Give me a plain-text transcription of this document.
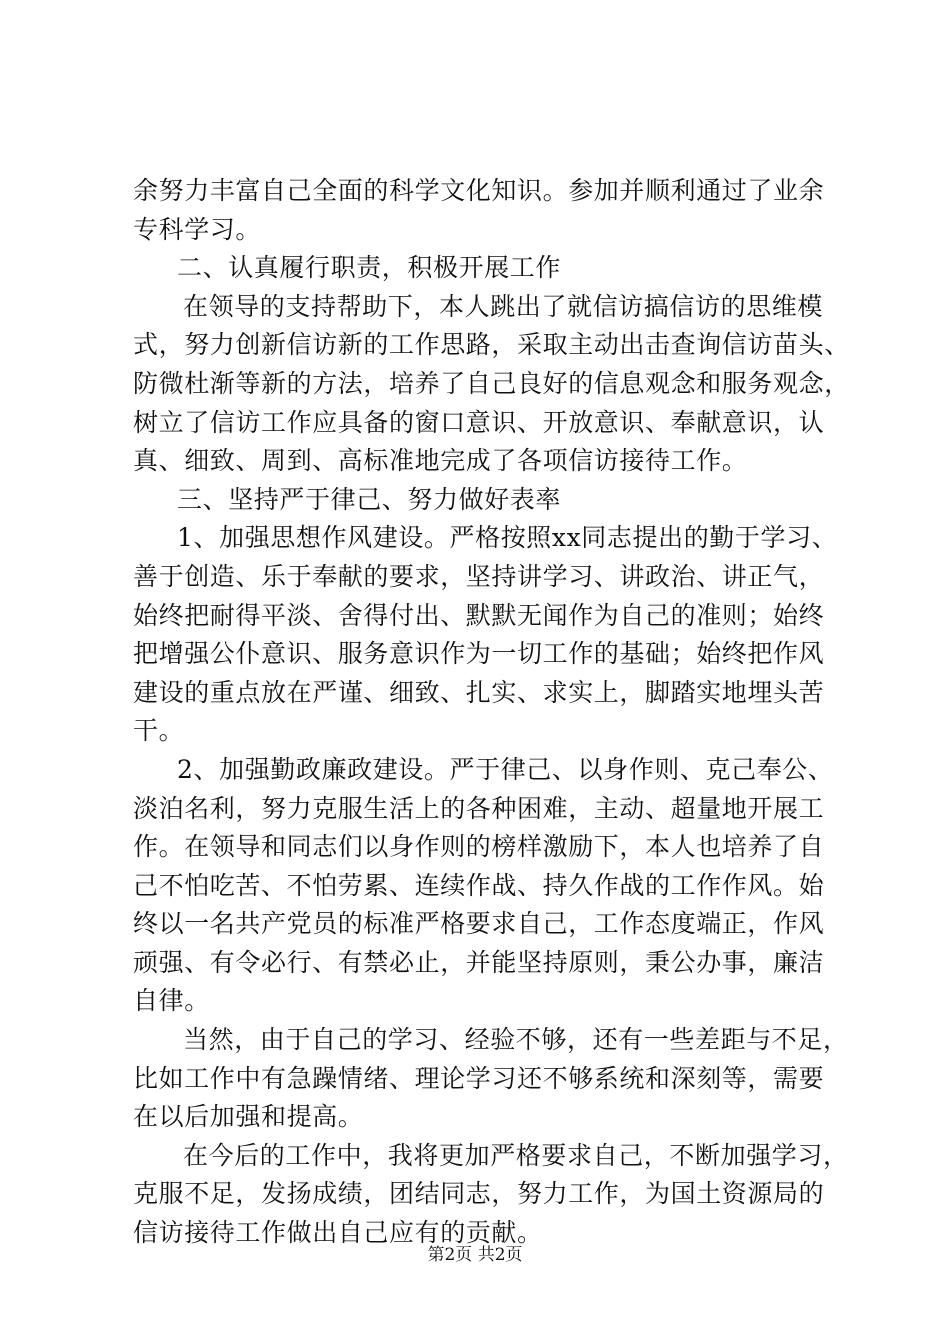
余努力丰富自己全面的科学文化知识。参加并顺利通过了业余
专科学习。
二、认真履行职责，积极开展工作
在领导的支持帮助下，本人跳出了就信访搞信访的思维模
式，努力创新信访新的工作思路，采取主动出击查询信访苗头、
防微杜渐等新的方法，培养了自己良好的信息观念和服务观念，
树立了信访工作应具备的窗口意识、开放意识、奉献意识，认
真、细致、周到、高标准地完成了各项信访接待工作。
三、坚持严于律己、努力做好表率
1、加强思想作风建设。严格按照xx同志提出的勤于学习、
善于创造、乐于奉献的要求，坚持讲学习、讲政治、讲正气，
始终把耐得平淡、舍得付出、默默无闻作为自己的准则；始终
把增强公仆意识、服务意识作为一切工作的基础；始终把作风
建设的重点放在严谨、细致、扎实、求实上，脚踏实地埋头苦
干。
2、加强勤政廉政建设。严于律己、以身作则、克己奉公、
淡泊名利，努力克服生活上的各种困难，主动、超量地开展工
作。在领导和同志们以身作则的榜样激励下，本人也培养了自
己不怕吃苦、不怕劳累、连续作战、持久作战的工作作风。始
终以一名共产党员的标准严格要求自己，工作态度端正，作风
顽强、有令必行、有禁必止，并能坚持原则，秉公办事，廉洁
自律。
当然，由于自己的学习、经验不够，还有一些差距与不足，
比如工作中有急躁情绪、理论学习还不够系统和深刻等，需要
在以后加强和提高。
在今后的工作中，我将更加严格要求自己，不断加强学习，
克服不足，发扬成绩，团结同志，努力工作，为国土资源局的
信访接待工作做出自己应有的贡献。
第2页 共2页
